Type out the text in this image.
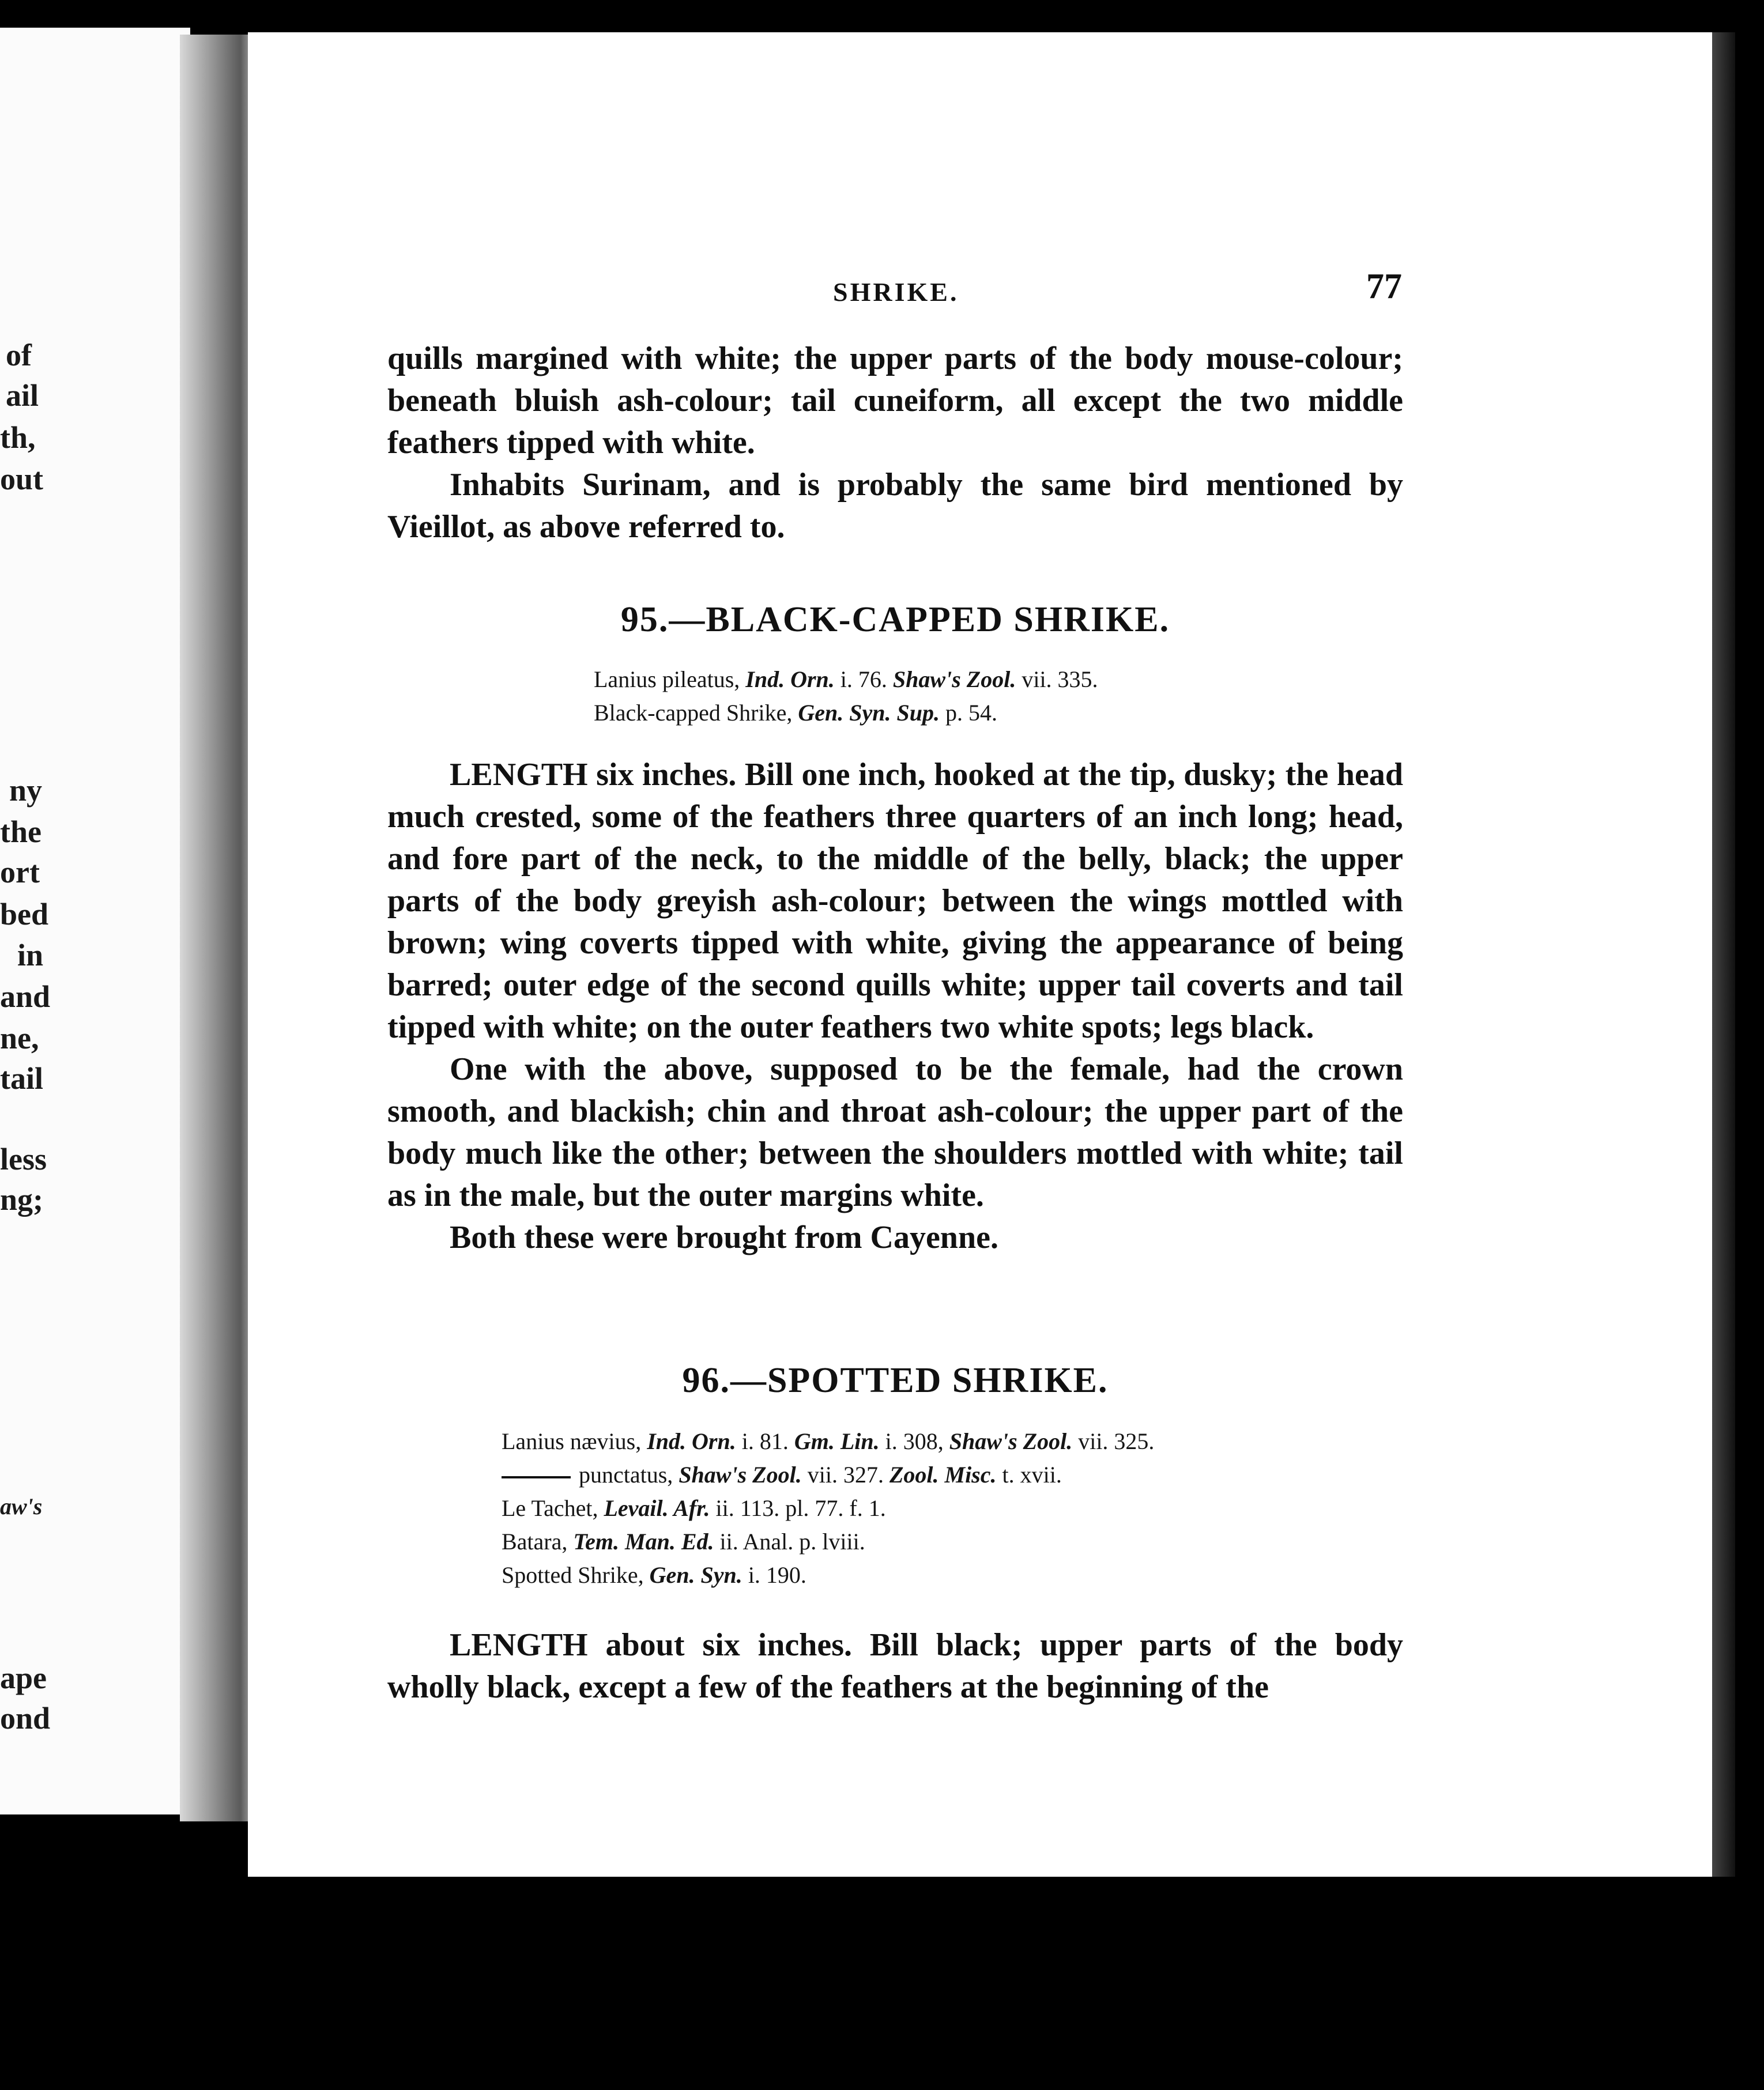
of
ail
th,
out
ny
the
ort
bed
in
and
ne,
tail
less
ng;
aw's
ape
ond
SHRIKE.	77

quills margined with white; the upper parts of the body mouse-colour; beneath bluish ash-colour; tail cuneiform, all except the two middle feathers tipped with white.

Inhabits Surinam, and is probably the same bird mentioned by Vieillot, as above referred to.

95.—BLACK-CAPPED SHRIKE.
Lanius pileatus, Ind. Orn. i. 76. Shaw's Zool. vii. 335.
Black-capped Shrike, Gen. Syn. Sup. p. 54.

LENGTH six inches. Bill one inch, hooked at the tip, dusky; the head much crested, some of the feathers three quarters of an inch long; head, and fore part of the neck, to the middle of the belly, black; the upper parts of the body greyish ash-colour; between the wings mottled with brown; wing coverts tipped with white, giving the appearance of being barred; outer edge of the second quills white; upper tail coverts and tail tipped with white; on the outer feathers two white spots; legs black.

One with the above, supposed to be the female, had the crown smooth, and blackish; chin and throat ash-colour; the upper part of the body much like the other; between the shoulders mottled with white; tail as in the male, but the outer margins white.

Both these were brought from Cayenne.

96.—SPOTTED SHRIKE.
Lanius nævius, Ind. Orn. i. 81. Gm. Lin. i. 308, Shaw's Zool. vii. 325.
punctatus, Shaw's Zool. vii. 327. Zool. Misc. t. xvii.
Le Tachet, Levail. Afr. ii. 113. pl. 77. f. 1.
Batara, Tem. Man. Ed. ii. Anal. p. lviii.
Spotted Shrike, Gen. Syn. i. 190.

LENGTH about six inches. Bill black; upper parts of the body wholly black, except a few of the feathers at the beginning of the
